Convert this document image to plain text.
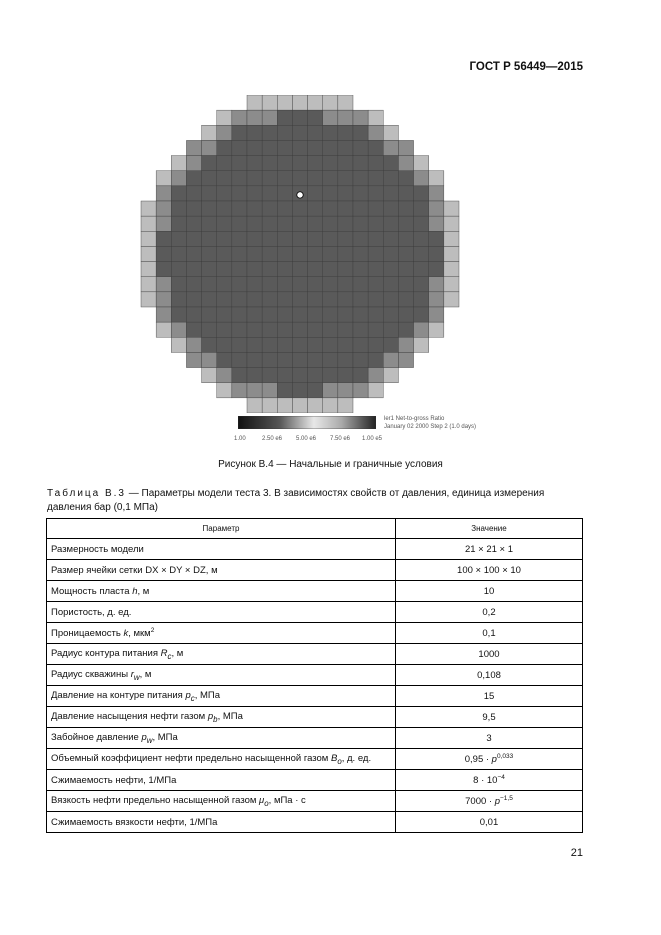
ГОСТ Р 56449—2015
1.00	2.50 e6 5.00 e6 7.50 e6 1.00 e5
ler1 Net-to-gross Ratio
January 02 2000 Step 2 (1.0 days)
Рисунок В.4 — Начальные и граничные условия
Таблица В.3 — Параметры модели теста 3. В зависимостях свойств от давления, единица измерения давления бар (0,1 МПа)
Параметр	Значение
Размерность модели	21 × 21 × 1
Размер ячейки сетки DX × DY × DZ, м	100 × 100 × 10
Мощность пласта h, м	10
Пористость, д. ед.	0,2
Проницаемость k, мкм$^2$	0,1
Радиус контура питания $R_c$, м	1000
Радиус скважины $r_w$, м	0,108
Давление на контуре питания $p_c$, МПа	15
Давление насыщения нефти газом $p_b$, МПа	9,5
Забойное давление $p_w$, МПа	3
Объемный коэффициент нефти предельно насыщенной газом $B_o$, д. ед.	$0,95 \cdot p^{0,033}$
Сжимаемость нефти, 1/МПа	$8 \cdot 10^{-4}$
Вязкость нефти предельно насыщенной газом $\mu_o$, мПа · с	$7000 \cdot p^{-1,5}$
Сжимаемость вязкости нефти, 1/МПа	0,01
21
